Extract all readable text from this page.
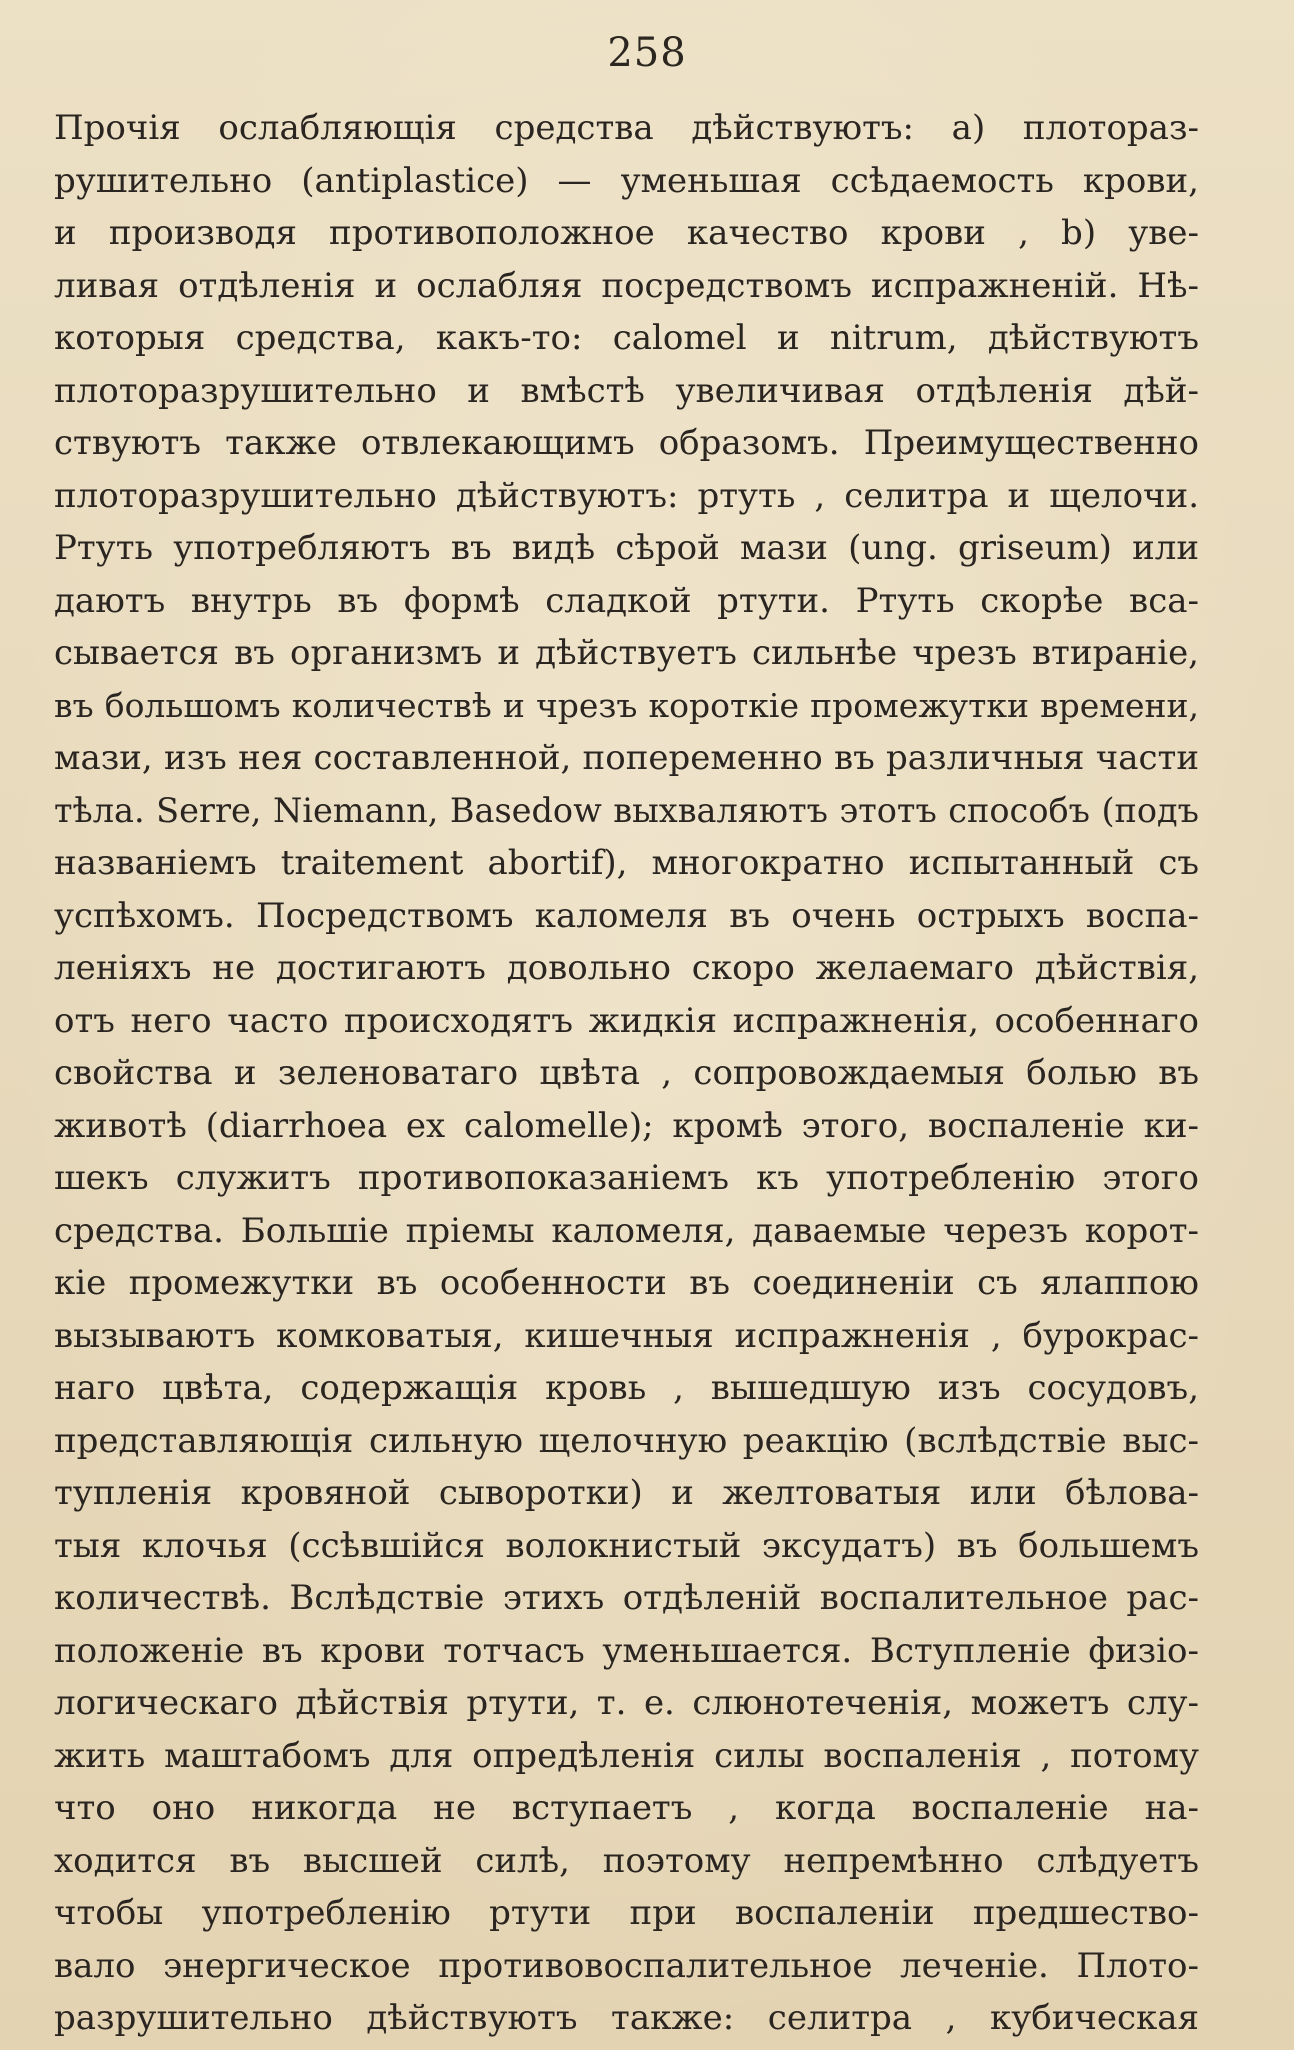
258
Прочія ослабляющія средства дѣйствуютъ: а) плотораз-
рушительно (antiplastice) — уменьшая ссѣдаемость крови,
и производя противоположное качество крови , b) уве-
ливая отдѣленія и ослабляя посредствомъ испражненій. Нѣ-
которыя средства, какъ-то: calomel и nitrum, дѣйствуютъ
плоторазрушительно и вмѣстѣ увеличивая отдѣленія дѣй-
ствуютъ также отвлекающимъ образомъ. Преимущественно
плоторазрушительно дѣйствуютъ: ртуть , селитра и щелочи.
Ртуть употребляютъ въ видѣ сѣрой мази (ung. griseum) или
даютъ внутрь въ формѣ сладкой ртути. Ртуть скорѣе вса-
сывается въ организмъ и дѣйствуетъ сильнѣе чрезъ втираніе,
въ большомъ количествѣ и чрезъ короткіе промежутки времени,
мази, изъ нея составленной, попеременно въ различныя части
тѣла. Serre, Niemann, Basedow выхваляютъ этотъ способъ (подъ
названіемъ traitement abortif), многократно испытанный съ
успѣхомъ. Посредствомъ каломеля въ очень острыхъ воспа-
леніяхъ не достигаютъ довольно скоро желаемаго дѣйствія,
отъ него часто происходятъ жидкія испражненія, особеннаго
свойства и зеленоватаго цвѣта , сопровождаемыя болью въ
животѣ (diarrhoea ex calomelle); кромѣ этого, воспаленіе ки-
шекъ служитъ противопоказаніемъ къ употребленію этого
средства. Большіе пріемы каломеля, даваемые черезъ корот-
кіе промежутки въ особенности въ соединеніи съ ялаппою
вызываютъ комковатыя, кишечныя испражненія , бурокрас-
наго цвѣта, содержащія кровь , вышедшую изъ сосудовъ,
представляющія сильную щелочную реакцію (вслѣдствіе выс-
тупленія кровяной сыворотки) и желтоватыя или бѣлова-
тыя клочья (ссѣвшійся волокнистый эксудатъ) въ большемъ
количествѣ. Вслѣдствіе этихъ отдѣленій воспалительное рас-
положеніе въ крови тотчасъ уменьшается. Вступленіе физіо-
логическаго дѣйствія ртути, т. е. слюнотеченія, можетъ слу-
жить маштабомъ для опредѣленія силы воспаленія , потому
что оно никогда не вступаетъ , когда воспаленіе на-
ходится въ высшей силѣ, поэтому непремѣнно слѣдуетъ
чтобы употребленію ртути при воспаленіи предшество-
вало энергическое противовоспалительное леченіе. Плото-
разрушительно дѣйствуютъ также: селитра , кубическая
